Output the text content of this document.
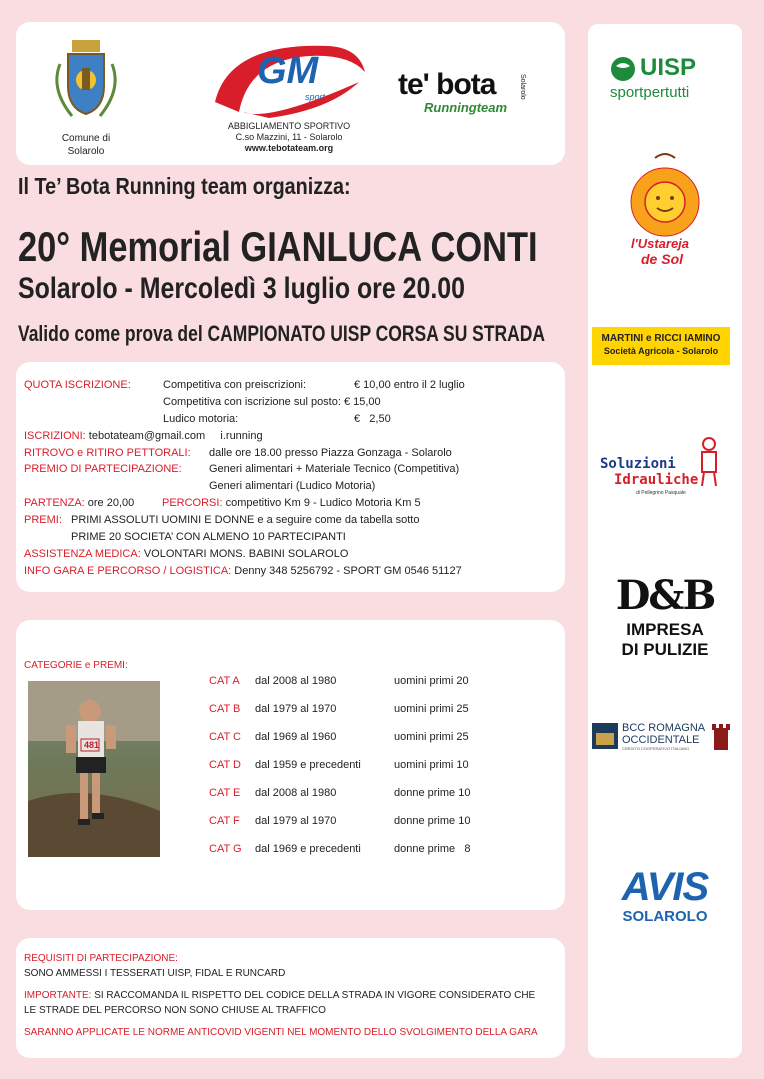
Comune di
Solarolo
GM
sport
ABBIGLIAMENTO SPORTIVO
C.so Mazzini, 11 - Solarolo
www.tebotateam.org
te' bota
Runningteam
Solarolo
Il Te’ Bota Running team organizza:
20° Memorial GIANLUCA CONTI
Solarolo - Mercoledì 3 luglio ore 20.00
Valido come prova del CAMPIONATO UISP CORSA SU STRADA
QUOTA ISCRIZIONE:	Competitiva con preiscrizioni:	€ 10,00 entro il 2 luglio
Competitiva con iscrizione sul posto: € 15,00
Ludico motoria:	€   2,50
ISCRIZIONI: tebotateam@gmail.com     i.running
RITROVO e RITIRO PETTORALI: dalle ore 18.00 presso Piazza Gonzaga - Solarolo
PREMIO DI PARTECIPAZIONE: Generi alimentari + Materiale Tecnico (Competitiva)
Generi alimentari (Ludico Motoria)
PARTENZA: ore 20,00	PERCORSI: competitivo Km 9 - Ludico Motoria Km 5
PREMI: PRIMI ASSOLUTI UOMINI E DONNE e a seguire come da tabella sotto
PRIME 20 SOCIETA’ CON ALMENO 10 PARTECIPANTI
ASSISTENZA MEDICA: VOLONTARI MONS. BABINI SOLAROLO
INFO GARA E PERCORSO / LOGISTICA: Denny 348 5256792 - SPORT GM 0546 51127
CATEGORIE e PREMI:
481
CAT A dal 2008 al 1980	uomini primi 20
CAT B dal 1979 al 1970	uomini primi 25
CAT C dal 1969 al 1960	uomini primi 25
CAT D dal 1959 e precedenti	uomini primi 10
CAT E dal 2008 al 1980	donne prime 10
CAT F dal 1979 al 1970	donne prime 10
CAT G dal 1969 e precedenti	donne prime   8
REQUISITI DI PARTECIPAZIONE:
SONO AMMESSI I TESSERATI UISP, FIDAL E RUNCARD
IMPORTANTE: SI RACCOMANDA IL RISPETTO DEL CODICE DELLA STRADA IN VIGORE CONSIDERATO CHE
LE STRADE DEL PERCORSO NON SONO CHIUSE AL TRAFFICO
SARANNO APPLICATE LE NORME ANTICOVID VIGENTI NEL MOMENTO DELLO SVOLGIMENTO DELLA GARA
UISP
sportpertutti
l'Ustareja
de Sol
MARTINI e RICCI IAMINO
Società Agricola - Solarolo
Soluzioni
Idrauliche
di Pellegrino Pasquale
D&B
IMPRESA
DI PULIZIE
BCC ROMAGNA
OCCIDENTALE
CREDITO COOPERATIVO ITALIANO
AVIS
SOLAROLO
